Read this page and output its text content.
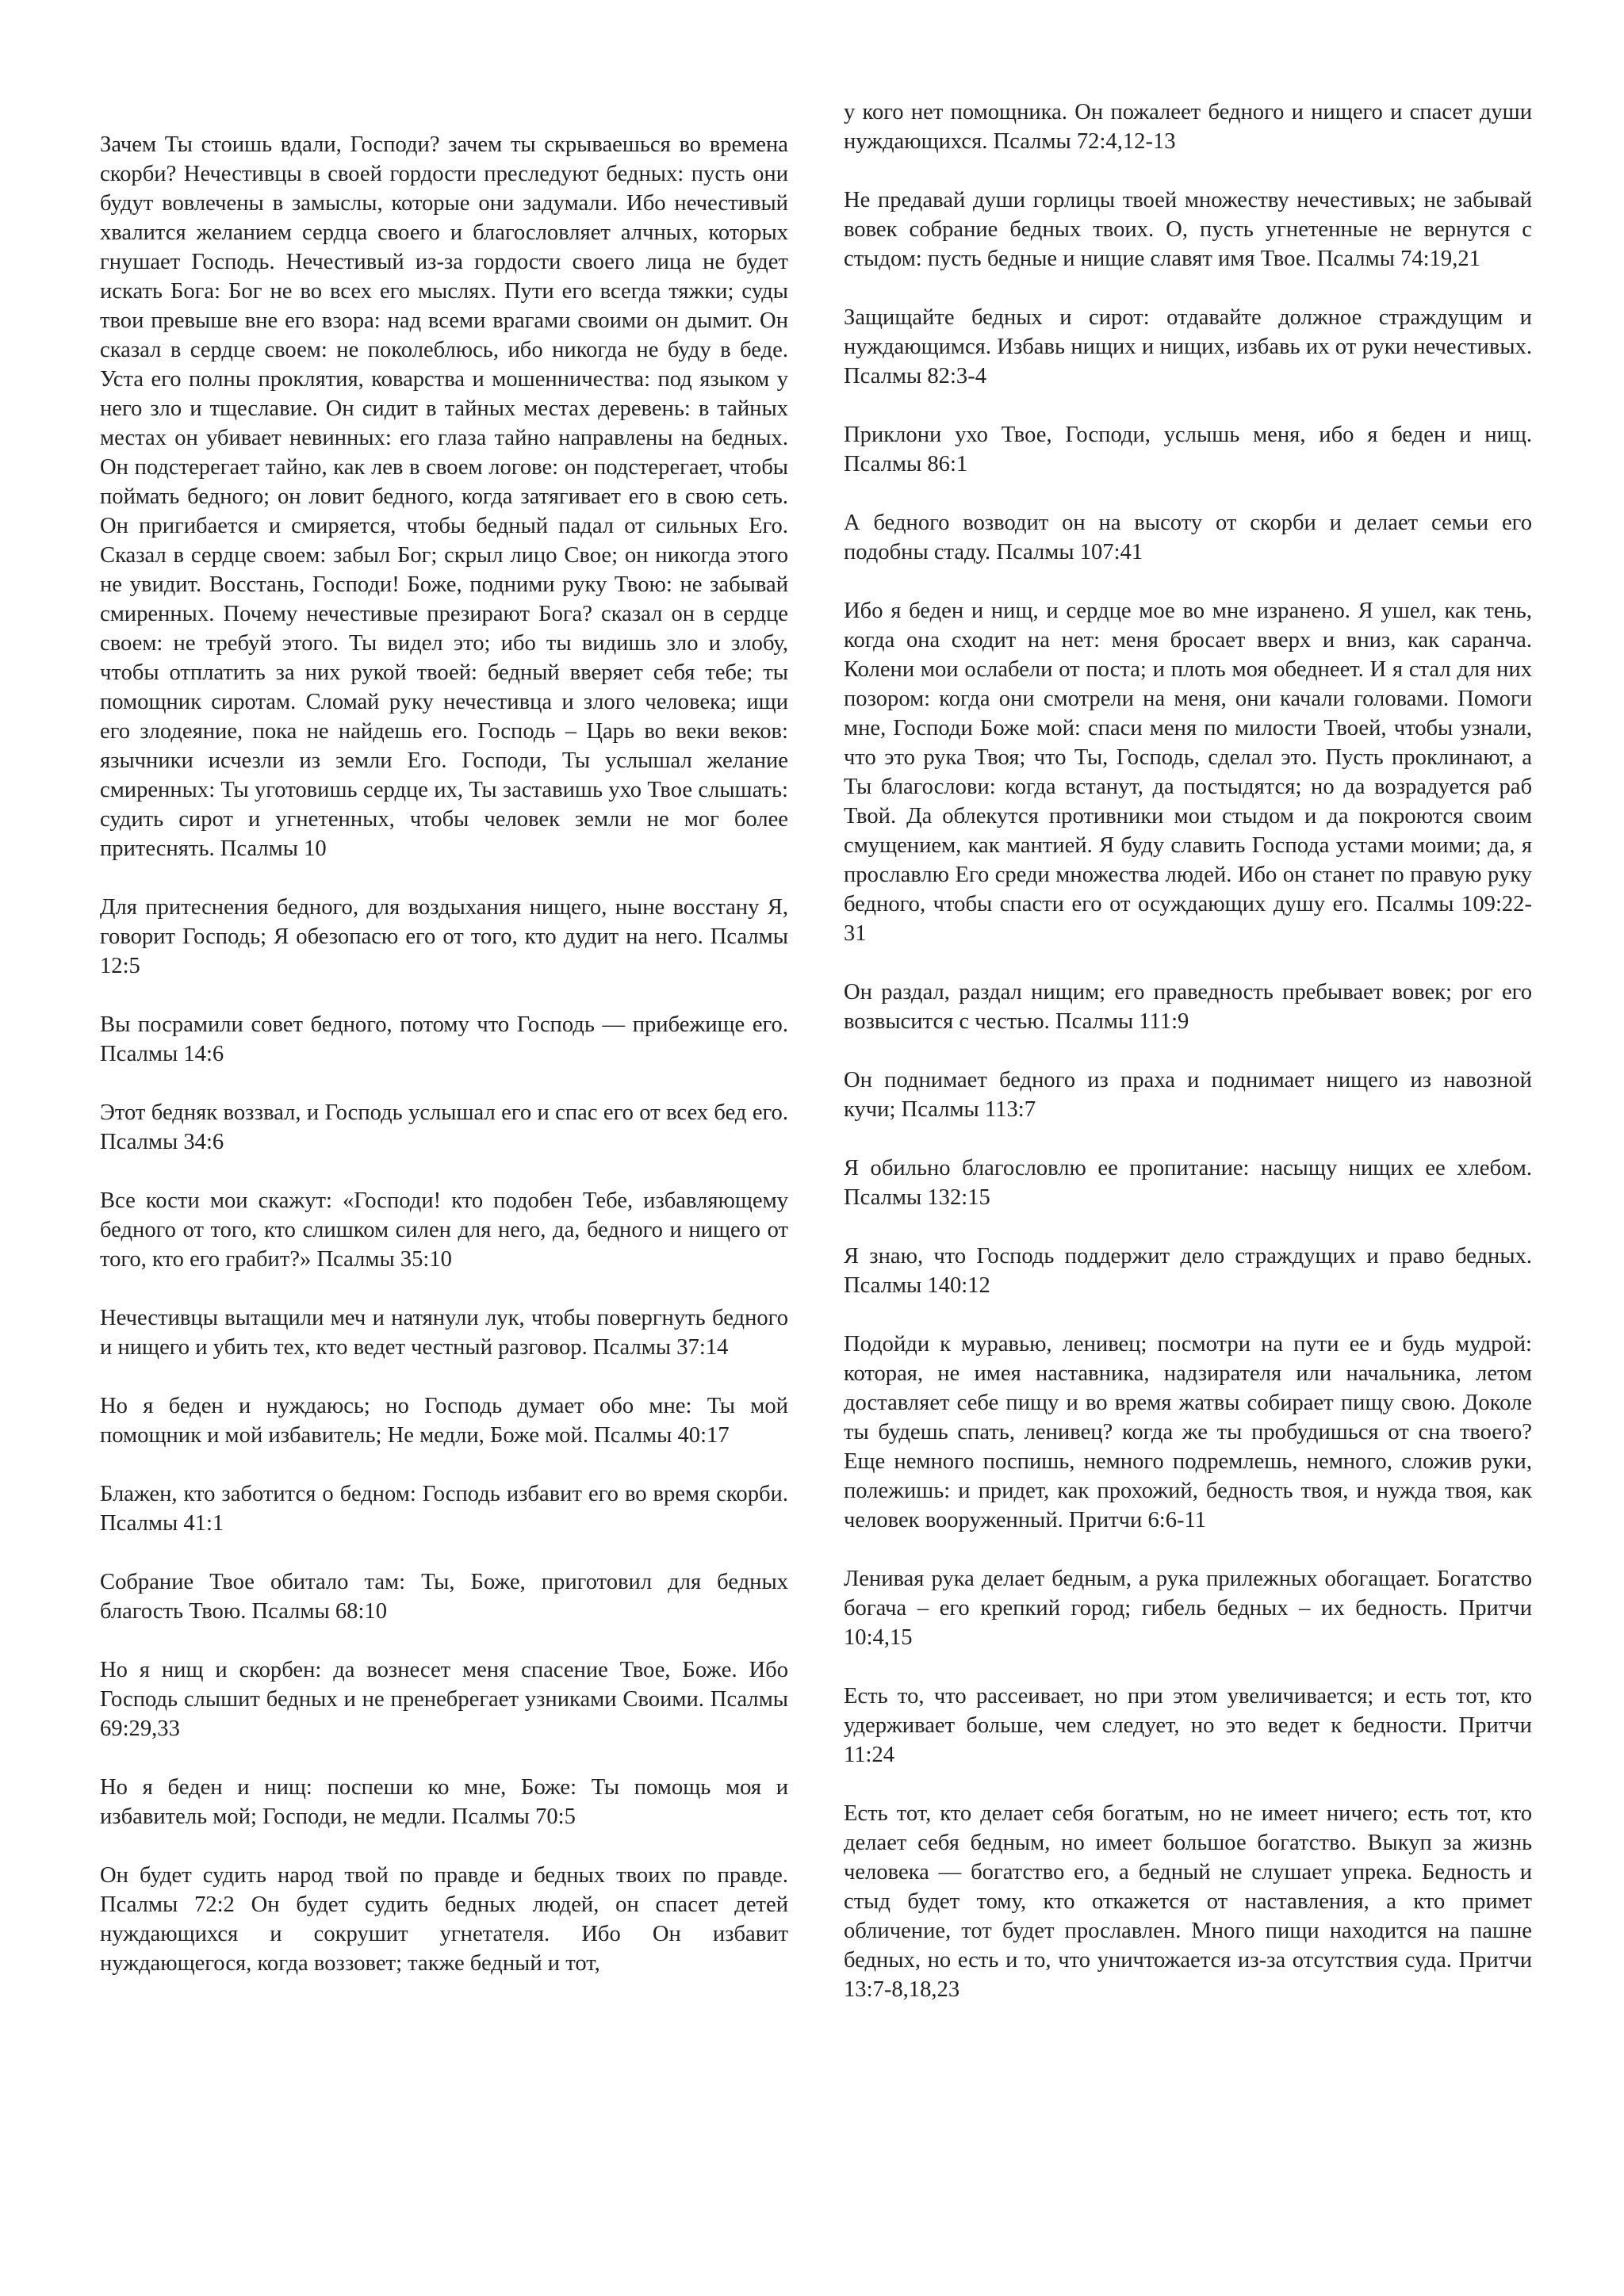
Зачем Ты стоишь вдали, Господи? зачем ты скрываешься во времена скорби? Нечестивцы в своей гордости преследуют бедных: пусть они будут вовлечены в замыслы, которые они задумали. Ибо нечестивый хвалится желанием сердца своего и благословляет алчных, которых гнушает Господь. Нечестивый из-за гордости своего лица не будет искать Бога: Бог не во всех его мыслях. Пути его всегда тяжки; суды твои превыше вне его взора: над всеми врагами своими он дымит. Он сказал в сердце своем: не поколеблюсь, ибо никогда не буду в беде. Уста его полны проклятия, коварства и мошенничества: под языком у него зло и тщеславие. Он сидит в тайных местах деревень: в тайных местах он убивает невинных: его глаза тайно направлены на бедных. Он подстерегает тайно, как лев в своем логове: он подстерегает, чтобы поймать бедного; он ловит бедного, когда затягивает его в свою сеть. Он пригибается и смиряется, чтобы бедный падал от сильных Его. Сказал в сердце своем: забыл Бог; скрыл лицо Свое; он никогда этого не увидит. Восстань, Господи! Боже, подними руку Твою: не забывай смиренных. Почему нечестивые презирают Бога? сказал он в сердце своем: не требуй этого. Ты видел это; ибо ты видишь зло и злобу, чтобы отплатить за них рукой твоей: бедный вверяет себя тебе; ты помощник сиротам. Сломай руку нечестивца и злого человека; ищи его злодеяние, пока не найдешь его. Господь – Царь во веки веков: язычники исчезли из земли Его. Господи, Ты услышал желание смиренных: Ты уготовишь сердце их, Ты заставишь ухо Твое слышать: судить сирот и угнетенных, чтобы человек земли не мог более притеснять. Псалмы 10

Для притеснения бедного, для воздыхания нищего, ныне восстану Я, говорит Господь; Я обезопасю его от того, кто дудит на него. Псалмы 12:5

Вы посрамили совет бедного, потому что Господь — прибежище его. Псалмы 14:6

Этот бедняк воззвал, и Господь услышал его и спас его от всех бед его. Псалмы 34:6

Все кости мои скажут: «Господи! кто подобен Тебе, избавляющему бедного от того, кто слишком силен для него, да, бедного и нищего от того, кто его грабит?» Псалмы 35:10

Нечестивцы вытащили меч и натянули лук, чтобы повергнуть бедного и нищего и убить тех, кто ведет честный разговор. Псалмы 37:14

Но я беден и нуждаюсь; но Господь думает обо мне: Ты мой помощник и мой избавитель; Не медли, Боже мой. Псалмы 40:17

Блажен, кто заботится о бедном: Господь избавит его во время скорби. Псалмы 41:1

Собрание Твое обитало там: Ты, Боже, приготовил для бедных благость Твою. Псалмы 68:10

Но я нищ и скорбен: да вознесет меня спасение Твое, Боже. Ибо Господь слышит бедных и не пренебрегает узниками Своими. Псалмы 69:29,33

Но я беден и нищ: поспеши ко мне, Боже: Ты помощь моя и избавитель мой; Господи, не медли. Псалмы 70:5

Он будет судить народ твой по правде и бедных твоих по правде. Псалмы 72:2 Он будет судить бедных людей, он спасет детей нуждающихся и сокрушит угнетателя. Ибо Он избавит нуждающегося, когда воззовет; также бедный и тот,

у кого нет помощника. Он пожалеет бедного и нищего и спасет души нуждающихся. Псалмы 72:4,12-13

Не предавай души горлицы твоей множеству нечестивых; не забывай вовек собрание бедных твоих. О, пусть угнетенные не вернутся с стыдом: пусть бедные и нищие славят имя Твое. Псалмы 74:19,21

Защищайте бедных и сирот: отдавайте должное страждущим и нуждающимся. Избавь нищих и нищих, избавь их от руки нечестивых. Псалмы 82:3-4

Приклони ухо Твое, Господи, услышь меня, ибо я беден и нищ. Псалмы 86:1

А бедного возводит он на высоту от скорби и делает семьи его подобны стаду. Псалмы 107:41

Ибо я беден и нищ, и сердце мое во мне изранено. Я ушел, как тень, когда она сходит на нет: меня бросает вверх и вниз, как саранча. Колени мои ослабели от поста; и плоть моя обеднеет. И я стал для них позором: когда они смотрели на меня, они качали головами. Помоги мне, Господи Боже мой: спаси меня по милости Твоей, чтобы узнали, что это рука Твоя; что Ты, Господь, сделал это. Пусть проклинают, а Ты благослови: когда встанут, да постыдятся; но да возрадуется раб Твой. Да облекутся противники мои стыдом и да покроются своим смущением, как мантией. Я буду славить Господа устами моими; да, я прославлю Его среди множества людей. Ибо он станет по правую руку бедного, чтобы спасти его от осуждающих душу его. Псалмы 109:22-31

Он раздал, раздал нищим; его праведность пребывает вовек; рог его возвысится с честью. Псалмы 111:9

Он поднимает бедного из праха и поднимает нищего из навозной кучи; Псалмы 113:7

Я обильно благословлю ее пропитание: насыщу нищих ее хлебом. Псалмы 132:15

Я знаю, что Господь поддержит дело страждущих и право бедных. Псалмы 140:12

Подойди к муравью, ленивец; посмотри на пути ее и будь мудрой: которая, не имея наставника, надзирателя или начальника, летом доставляет себе пищу и во время жатвы собирает пищу свою. Доколе ты будешь спать, ленивец? когда же ты пробудишься от сна твоего? Еще немного поспишь, немного подремлешь, немного, сложив руки, полежишь: и придет, как прохожий, бедность твоя, и нужда твоя, как человек вооруженный. Притчи 6:6-11

Ленивая рука делает бедным, а рука прилежных обогащает. Богатство богача – его крепкий город; гибель бедных – их бедность. Притчи 10:4,15

Есть то, что рассеивает, но при этом увеличивается; и есть тот, кто удерживает больше, чем следует, но это ведет к бедности. Притчи 11:24

Есть тот, кто делает себя богатым, но не имеет ничего; есть тот, кто делает себя бедным, но имеет большое богатство. Выкуп за жизнь человека — богатство его, а бедный не слушает упрека. Бедность и стыд будет тому, кто откажется от наставления, а кто примет обличение, тот будет прославлен. Много пищи находится на пашне бедных, но есть и то, что уничтожается из-за отсутствия суда. Притчи 13:7-8,18,23
